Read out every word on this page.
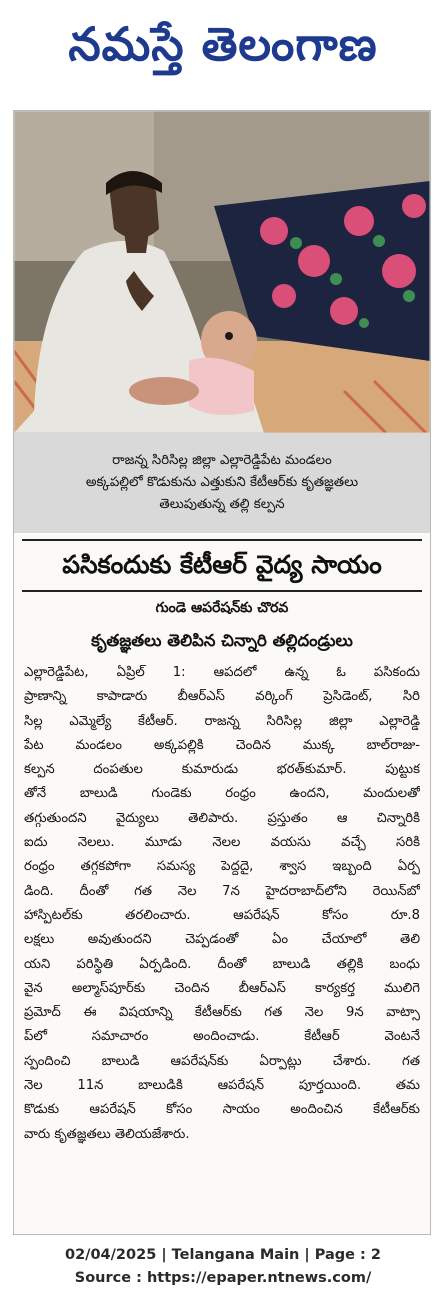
నమస్తే తెలంగాణ
రాజన్న సిరిసిల్ల జిల్లా ఎల్లారెడ్డిపేట మండలం
అక్కపల్లిలో కొడుకును ఎత్తుకుని కేటీఆర్‌కు కృతజ్ఞతలు
తెలుపుతున్న తల్లి కల్పన
పసికందుకు కేటీఆర్ వైద్య సాయం
గుండె ఆపరేషన్‌కు చొరవ
కృతజ్ఞతలు తెలిపిన చిన్నారి తల్లిదండ్రులు
ఎల్లారెడ్డిపేట, ఏప్రిల్ 1: ఆపదలో ఉన్న ఓ పసికందు
ప్రాణాన్ని కాపాడారు బీఆర్ఎస్ వర్కింగ్ ప్రెసిడెంట్, సిరి
సిల్ల ఎమ్మెల్యే కేటీఆర్. రాజన్న సిరిసిల్ల జిల్లా ఎల్లారెడ్డి
పేట మండలం అక్కపల్లికి చెందిన ముక్క బాల్‌రాజు-
కల్పన దంపతుల కుమారుడు భరత్‌కుమార్. పుట్టుక
తోనే బాలుడి గుండెకు రంధ్రం ఉందని, మందులతో
తగ్గుతుందని వైద్యులు తెలిపారు. ప్రస్తుతం ఆ చిన్నారికి
ఐదు నెలలు. మూడు నెలల వయసు వచ్చే సరికి
రంధ్రం తగ్గకపోగా సమస్య పెద్దదై, శ్వాస ఇబ్బంది ఏర్ప
డింది. దీంతో గత నెల 7న హైదరాబాద్‌లోని రెయిన్‌బో
హాస్పిటల్‌కు తరలించారు. ఆపరేషన్ కోసం రూ.8
లక్షలు అవుతుందని చెప్పడంతో ఏం చేయాలో తెలి
యని పరిస్థితి ఏర్పడింది. దీంతో బాలుడి తల్లికి బంధు
వైన అల్మాస్‌పూర్‌కు చెందిన బీఆర్ఎస్ కార్యకర్త ములిగె
ప్రమోద్ ఈ విషయాన్ని కేటీఆర్‌కు గత నెల 9న వాట్సా
ప్‌లో సమాచారం అందించాడు. కేటీఆర్ వెంటనే
స్పందించి బాలుడి ఆపరేషన్‌కు ఏర్పాట్లు చేశారు. గత
నెల 11న బాలుడికి ఆపరేషన్ పూర్తయింది. తమ
కొడుకు ఆపరేషన్ కోసం సాయం అందించిన కేటీఆర్‌కు
వారు కృతజ్ఞతలు తెలియజేశారు.
02/04/2025 | Telangana Main | Page : 2
Source : https://epaper.ntnews.com/
